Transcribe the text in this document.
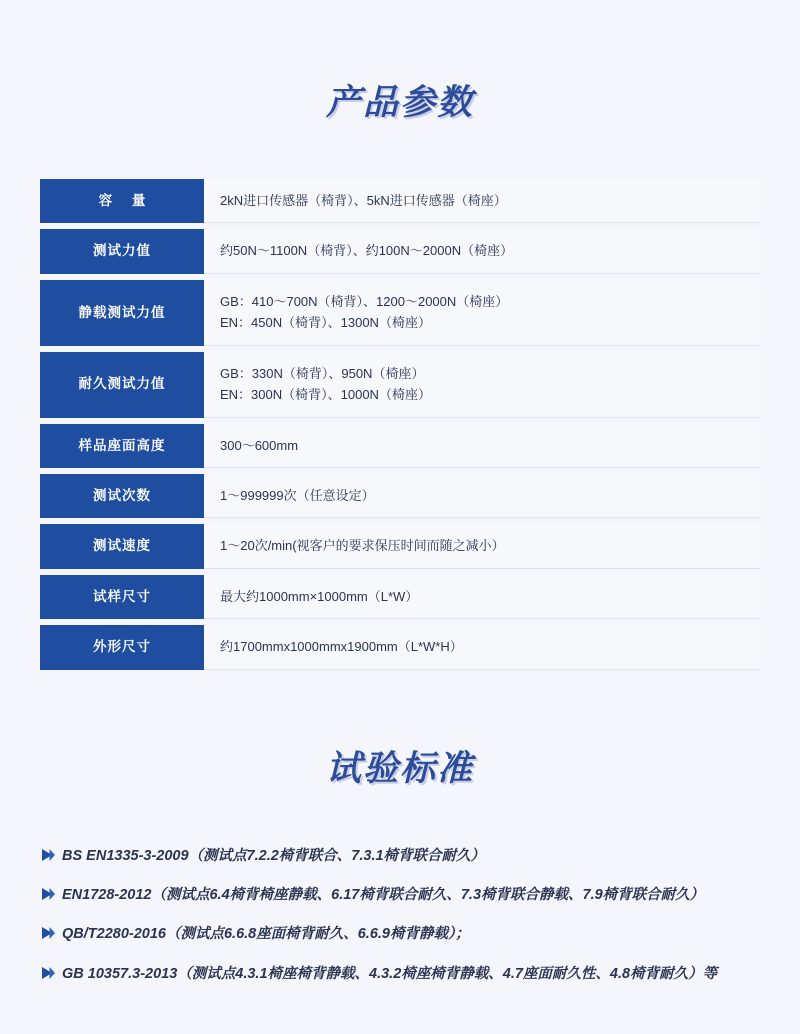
产品参数
容 量	2kN进口传感器（椅背）、5kN进口传感器（椅座）

测试力值	约50N～1100N（椅背）、约100N～2000N（椅座）

静载测试力值	GB：410～700N（椅背）、1200～2000N（椅座）
EN：450N（椅背）、1300N（椅座）

耐久测试力值	GB：330N（椅背）、950N（椅座）
EN：300N（椅背）、1000N（椅座）

样品座面高度	300～600mm

测试次数	1～999999次（任意设定）

测试速度	1～20次/min(视客户的要求保压时间而随之减小）

试样尺寸	最大约1000mm×1000mm（L*W）

外形尺寸	约1700mmx1000mmx1900mm（L*W*H）
试验标准
BS EN1335-3-2009（测试点7.2.2椅背联合、7.3.1椅背联合耐久）
EN1728-2012（测试点6.4椅背椅座静载、6.17椅背联合耐久、7.3椅背联合静载、7.9椅背联合耐久）
QB/T2280-2016（测试点6.6.8座面椅背耐久、6.6.9椅背静载）；
GB 10357.3-2013（测试点4.3.1椅座椅背静载、4.3.2椅座椅背静载、4.7座面耐久性、4.8椅背耐久）等
